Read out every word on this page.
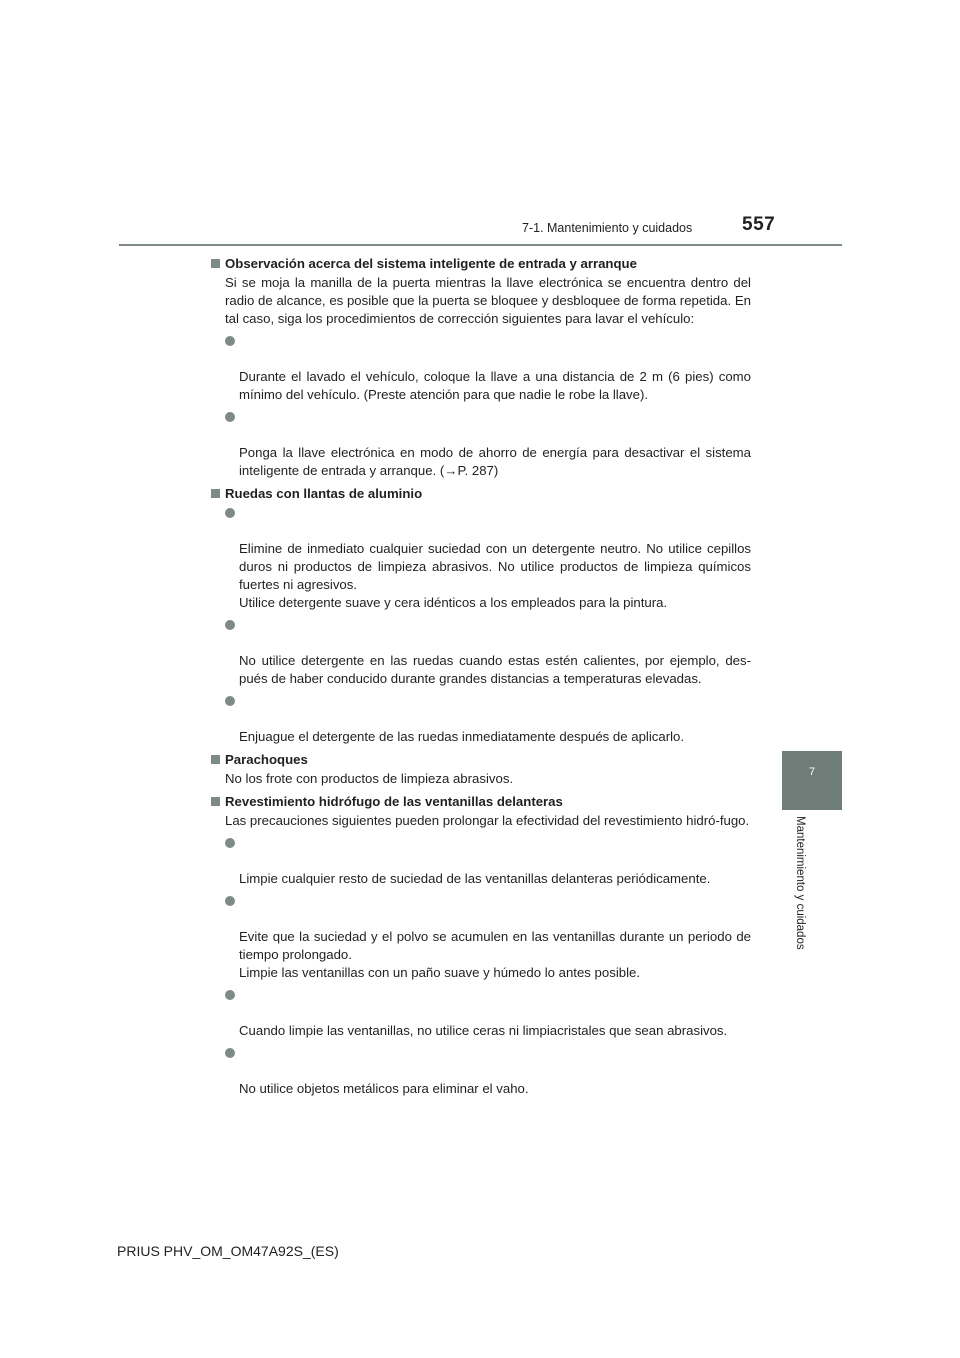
7-1. Mantenimiento y cuidados	557
7
Mantenimiento y cuidados
Observación acerca del sistema inteligente de entrada y arranque
Si se moja la manilla de la puerta mientras la llave electrónica se encuentra dentro del radio de alcance, es posible que la puerta se bloquee y desbloquee de forma repetida. En tal caso, siga los procedimientos de corrección siguientes para lavar el vehículo:

Durante el lavado el vehículo, coloque la llave a una distancia de 2 m (6 pies) como mínimo del vehículo. (Preste atención para que nadie le robe la llave).

Ponga la llave electrónica en modo de ahorro de energía para desactivar el sistema inteligente de entrada y arranque. (→P. 287)

Ruedas con llantas de aluminio

Elimine de inmediato cualquier suciedad con un detergente neutro. No utilice cepillos duros ni productos de limpieza abrasivos. No utilice productos de limpieza químicos fuertes ni agresivos.
Utilice detergente suave y cera idénticos a los empleados para la pintura.

No utilice detergente en las ruedas cuando estas estén calientes, por ejemplo, des-pués de haber conducido durante grandes distancias a temperaturas elevadas.

Enjuague el detergente de las ruedas inmediatamente después de aplicarlo.

Parachoques
No los frote con productos de limpieza abrasivos.
Revestimiento hidrófugo de las ventanillas delanteras
Las precauciones siguientes pueden prolongar la efectividad del revestimiento hidró-fugo.

Limpie cualquier resto de suciedad de las ventanillas delanteras periódicamente.

Evite que la suciedad y el polvo se acumulen en las ventanillas durante un periodo de tiempo prolongado.
Limpie las ventanillas con un paño suave y húmedo lo antes posible.

Cuando limpie las ventanillas, no utilice ceras ni limpiacristales que sean abrasivos.

No utilice objetos metálicos para eliminar el vaho.

PRIUS PHV_OM_OM47A92S_(ES)
